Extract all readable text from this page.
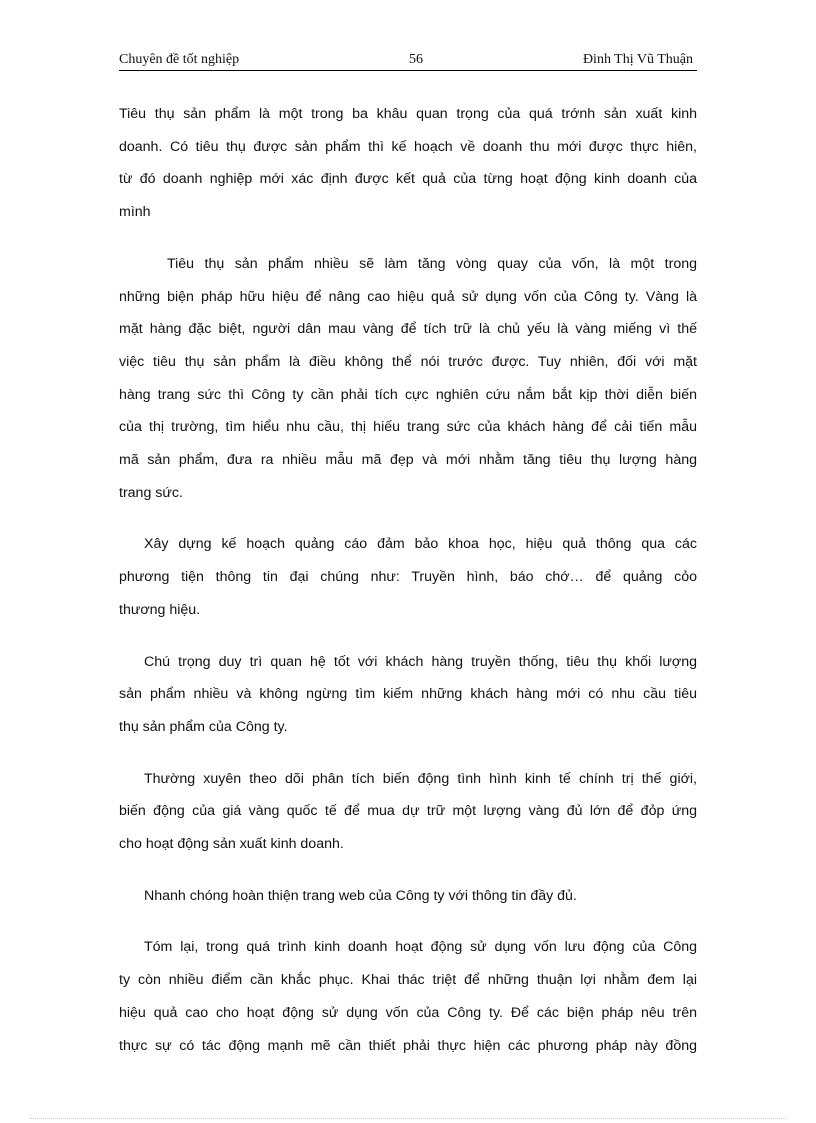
Chuyên đề tốt nghiệp	56	Đinh Thị Vũ Thuận

Tiêu thụ sản phẩm là một trong ba khâu quan trọng của quá trớnh sản xuất kinh
doanh. Có tiêu thụ được sản phẩm thì kế hoạch về doanh thu mới được thực hiên,
từ đó doanh nghiệp mới xác định được kết quả của từng hoạt động kinh doanh của
mình

Tiêu thụ sản phẩm nhiều sẽ làm tăng vòng quay của vốn, là một trong
những biện pháp hữu hiệu để nâng cao hiệu quả sử dụng vốn của Công ty. Vàng là
mặt hàng đặc biệt, người dân mau vàng để tích trữ là chủ yếu là vàng miếng vì thế
việc tiêu thụ sản phẩm là điều không thể nói trước được. Tuy nhiên, đối với mặt
hàng trang sức thì Công ty cần phải tích cực nghiên cứu nắm bắt kịp thời diễn biến
của thị trường, tìm hiểu nhu cầu, thị hiếu trang sức của khách hàng để cải tiến mẫu
mã sản phẩm, đưa ra nhiều mẫu mã đẹp và mới nhằm tăng tiêu thụ lượng hàng
trang sức.

Xây dựng kế hoạch quảng cáo đảm bảo khoa học, hiệu quả thông qua các
phương tiện thông tin đại chúng như: Truyền hình, báo chớ… để quảng cỏo
thương hiệu.

Chú trọng duy trì quan hệ tốt với khách hàng truyền thống, tiêu thụ khối lượng
sản phẩm nhiều và không ngừng tìm kiếm những khách hàng mới có nhu cầu tiêu
thụ sản phẩm của Công ty.

Thường xuyên theo dõi phân tích biến động tình hình kinh tế chính trị thế giới,
biến động của giá vàng quốc tế để mua dự trữ một lượng vàng đủ lớn để đỏp ứng
cho hoạt động sản xuất kinh doanh.

Nhanh chóng hoàn thiện trang web của Công ty với thông tin đầy đủ.

Tóm lại, trong quá trình kinh doanh hoạt động sử dụng vốn lưu động của Công
ty còn nhiều điểm cần khắc phục. Khai thác triệt để những thuận lợi nhằm đem lại
hiệu quả cao cho hoạt động sử dụng vốn của Công ty. Để các biện pháp nêu trên
thực sự có tác động mạnh mẽ cần thiết phải thực hiện các phương pháp này đồng
